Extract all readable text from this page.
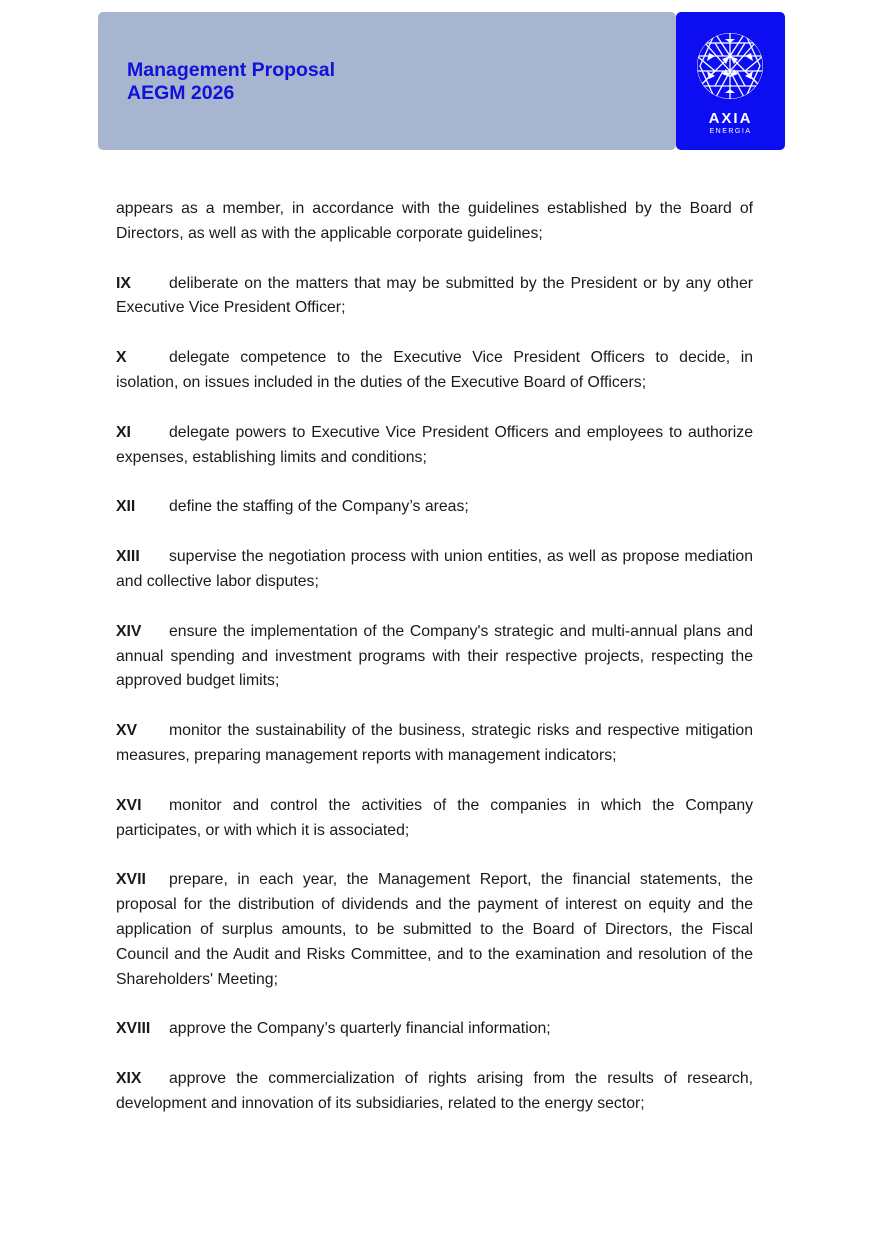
Management Proposal
AEGM 2026
AXIA
ENERGIA

appears as a member, in accordance with the guidelines established by the Board of Directors, as well as with the applicable corporate guidelines;

IX deliberate on the matters that may be submitted by the President or by any other Executive Vice President Officer;

X	delegate competence to the Executive Vice President Officers to decide, in isolation, on issues included in the duties of the Executive Board of Officers;

XI delegate powers to Executive Vice President Officers and employees to authorize expenses, establishing limits and conditions;

XII define the staffing of the Company’s areas;

XIII supervise the negotiation process with union entities, as well as propose mediation and collective labor disputes;

XIV ensure the implementation of the Company's strategic and multi-annual plans and annual spending and investment programs with their respective projects, respecting the approved budget limits;

XV monitor the sustainability of the business, strategic risks and respective mitigation measures, preparing management reports with management indicators;

XVI monitor and control the activities of the companies in which the Company participates, or with which it is associated;

XVII prepare, in each year, the Management Report, the financial statements, the proposal for the distribution of dividends and the payment of interest on equity and the application of surplus amounts, to be submitted to the Board of Directors, the Fiscal Council and the Audit and Risks Committee, and to the examination and resolution of the Shareholders' Meeting;

XVIII approve the Company’s quarterly financial information;

XIX approve the commercialization of rights arising from the results of research, development and innovation of its subsidiaries, related to the energy sector;
